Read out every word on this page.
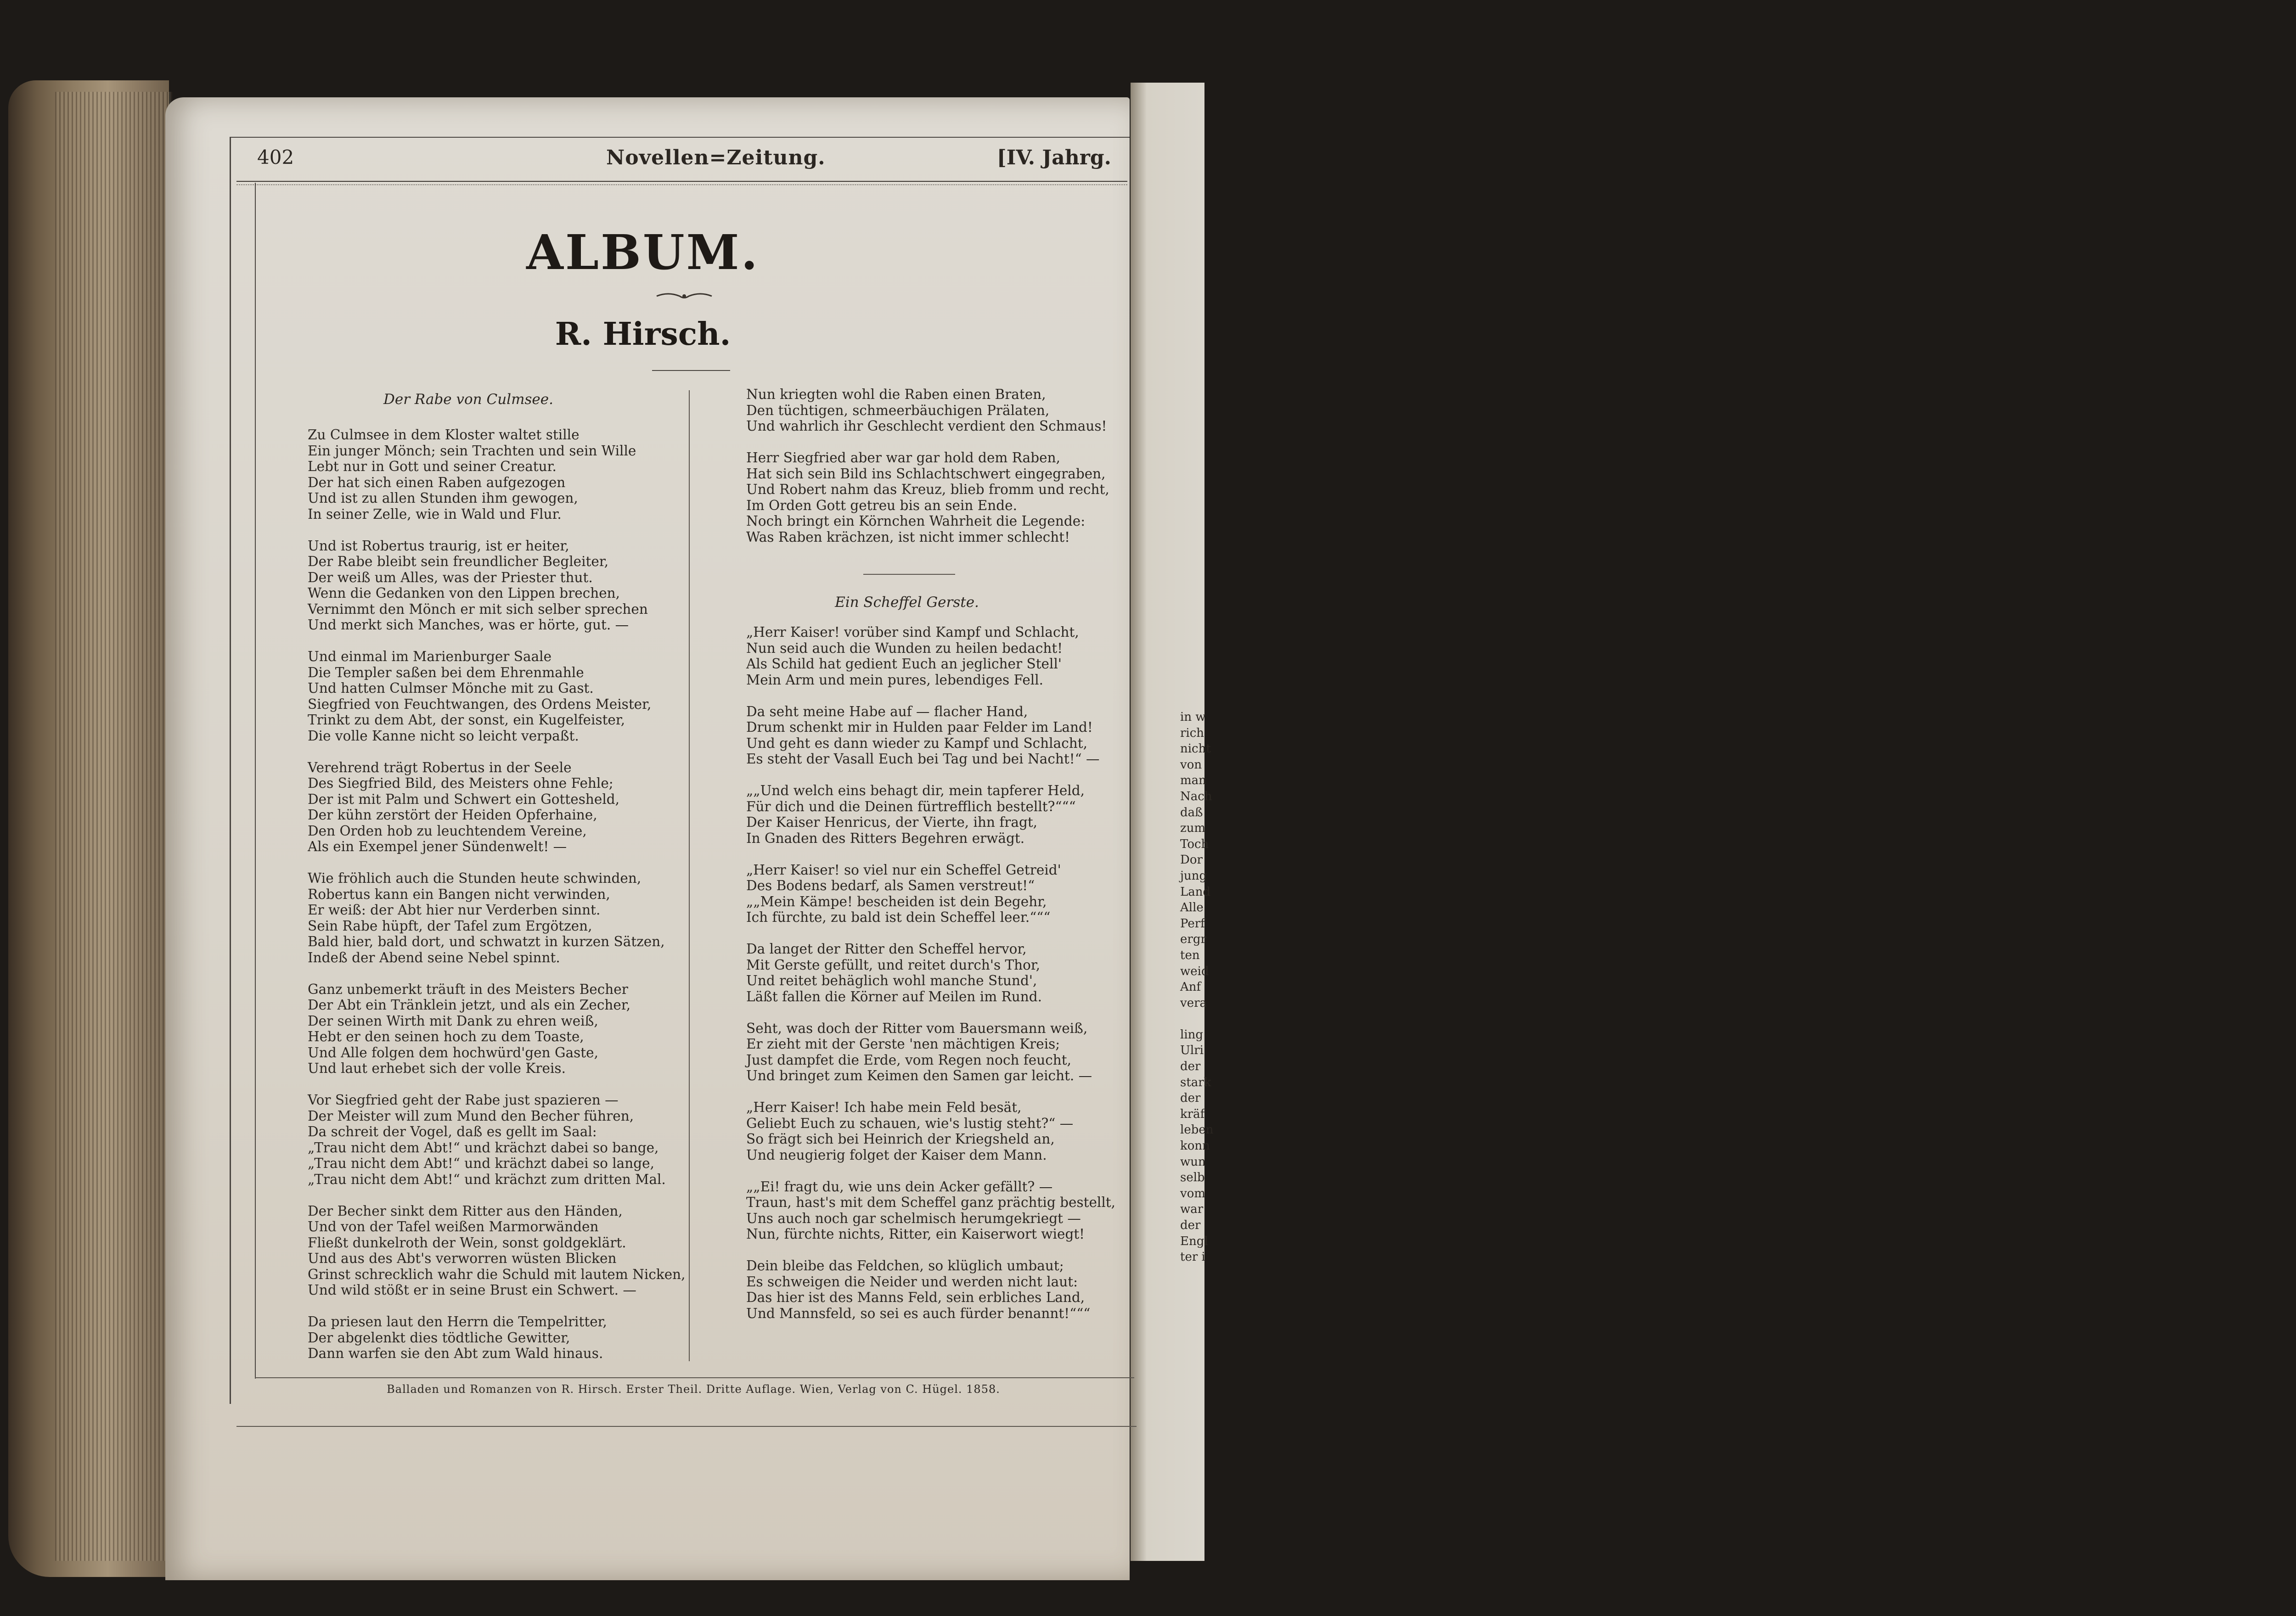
in w
rich
nicht
von
man
Nach
daß
zum
Toch
Dor
jung
Land
Alle
Perf
ergr
ten
weid
Anf
vera

ling
Ulri
der
stark
der
kräf
leben
konn
wun
selb
vom
war
der
Engl
ter i
402	Novellen=Zeitung.	[IV. Jahrg.
ALBUM.
R. Hirsch.
Der Rabe von Culmsee.
Zu Culmsee in dem Kloster waltet stille
Ein junger Mönch; sein Trachten und sein Wille
Lebt nur in Gott und seiner Creatur.
Der hat sich einen Raben aufgezogen
Und ist zu allen Stunden ihm gewogen,
In seiner Zelle, wie in Wald und Flur.
Und ist Robertus traurig, ist er heiter,
Der Rabe bleibt sein freundlicher Begleiter,
Der weiß um Alles, was der Priester thut.
Wenn die Gedanken von den Lippen brechen,
Vernimmt den Mönch er mit sich selber sprechen
Und merkt sich Manches, was er hörte, gut. —
Und einmal im Marienburger Saale
Die Templer saßen bei dem Ehrenmahle
Und hatten Culmser Mönche mit zu Gast.
Siegfried von Feuchtwangen, des Ordens Meister,
Trinkt zu dem Abt, der sonst, ein Kugelfeister,
Die volle Kanne nicht so leicht verpaßt.
Verehrend trägt Robertus in der Seele
Des Siegfried Bild, des Meisters ohne Fehle;
Der ist mit Palm und Schwert ein Gottesheld,
Der kühn zerstört der Heiden Opferhaine,
Den Orden hob zu leuchtendem Vereine,
Als ein Exempel jener Sündenwelt! —
Wie fröhlich auch die Stunden heute schwinden,
Robertus kann ein Bangen nicht verwinden,
Er weiß: der Abt hier nur Verderben sinnt.
Sein Rabe hüpft, der Tafel zum Ergötzen,
Bald hier, bald dort, und schwatzt in kurzen Sätzen,
Indeß der Abend seine Nebel spinnt.
Ganz unbemerkt träuft in des Meisters Becher
Der Abt ein Tränklein jetzt, und als ein Zecher,
Der seinen Wirth mit Dank zu ehren weiß,
Hebt er den seinen hoch zu dem Toaste,
Und Alle folgen dem hochwürd'gen Gaste,
Und laut erhebet sich der volle Kreis.
Vor Siegfried geht der Rabe just spazieren —
Der Meister will zum Mund den Becher führen,
Da schreit der Vogel, daß es gellt im Saal:
„Trau nicht dem Abt!“ und krächzt dabei so bange,
„Trau nicht dem Abt!“ und krächzt dabei so lange,
„Trau nicht dem Abt!“ und krächzt zum dritten Mal.
Der Becher sinkt dem Ritter aus den Händen,
Und von der Tafel weißen Marmorwänden
Fließt dunkelroth der Wein, sonst goldgeklärt.
Und aus des Abt's verworren wüsten Blicken
Grinst schrecklich wahr die Schuld mit lautem Nicken,
Und wild stößt er in seine Brust ein Schwert. —
Da priesen laut den Herrn die Tempelritter,
Der abgelenkt dies tödtliche Gewitter,
Dann warfen sie den Abt zum Wald hinaus.
Nun kriegten wohl die Raben einen Braten,
Den tüchtigen, schmeerbäuchigen Prälaten,
Und wahrlich ihr Geschlecht verdient den Schmaus!
Herr Siegfried aber war gar hold dem Raben,
Hat sich sein Bild ins Schlachtschwert eingegraben,
Und Robert nahm das Kreuz, blieb fromm und recht,
Im Orden Gott getreu bis an sein Ende.
Noch bringt ein Körnchen Wahrheit die Legende:
Was Raben krächzen, ist nicht immer schlecht!
Ein Scheffel Gerste.
„Herr Kaiser! vorüber sind Kampf und Schlacht,
Nun seid auch die Wunden zu heilen bedacht!
Als Schild hat gedient Euch an jeglicher Stell'
Mein Arm und mein pures, lebendiges Fell.
Da seht meine Habe auf — flacher Hand,
Drum schenkt mir in Hulden paar Felder im Land!
Und geht es dann wieder zu Kampf und Schlacht,
Es steht der Vasall Euch bei Tag und bei Nacht!“ —
„„Und welch eins behagt dir, mein tapferer Held,
Für dich und die Deinen fürtrefflich bestellt?“““
Der Kaiser Henricus, der Vierte, ihn fragt,
In Gnaden des Ritters Begehren erwägt.
„Herr Kaiser! so viel nur ein Scheffel Getreid'
Des Bodens bedarf, als Samen verstreut!“
„„Mein Kämpe! bescheiden ist dein Begehr,
Ich fürchte, zu bald ist dein Scheffel leer.“““
Da langet der Ritter den Scheffel hervor,
Mit Gerste gefüllt, und reitet durch's Thor,
Und reitet behäglich wohl manche Stund',
Läßt fallen die Körner auf Meilen im Rund.
Seht, was doch der Ritter vom Bauersmann weiß,
Er zieht mit der Gerste 'nen mächtigen Kreis;
Just dampfet die Erde, vom Regen noch feucht,
Und bringet zum Keimen den Samen gar leicht. —
„Herr Kaiser! Ich habe mein Feld besät,
Geliebt Euch zu schauen, wie's lustig steht?“ —
So frägt sich bei Heinrich der Kriegsheld an,
Und neugierig folget der Kaiser dem Mann.
„„Ei! fragt du, wie uns dein Acker gefällt? —
Traun, hast's mit dem Scheffel ganz prächtig bestellt,
Uns auch noch gar schelmisch herumgekriegt —
Nun, fürchte nichts, Ritter, ein Kaiserwort wiegt!
Dein bleibe das Feldchen, so klüglich umbaut;
Es schweigen die Neider und werden nicht laut:
Das hier ist des Manns Feld, sein erbliches Land,
Und Mannsfeld, so sei es auch fürder benannt!“““
Balladen und Romanzen von R. Hirsch. Erster Theil. Dritte Auflage. Wien, Verlag von C. Hügel. 1858.
